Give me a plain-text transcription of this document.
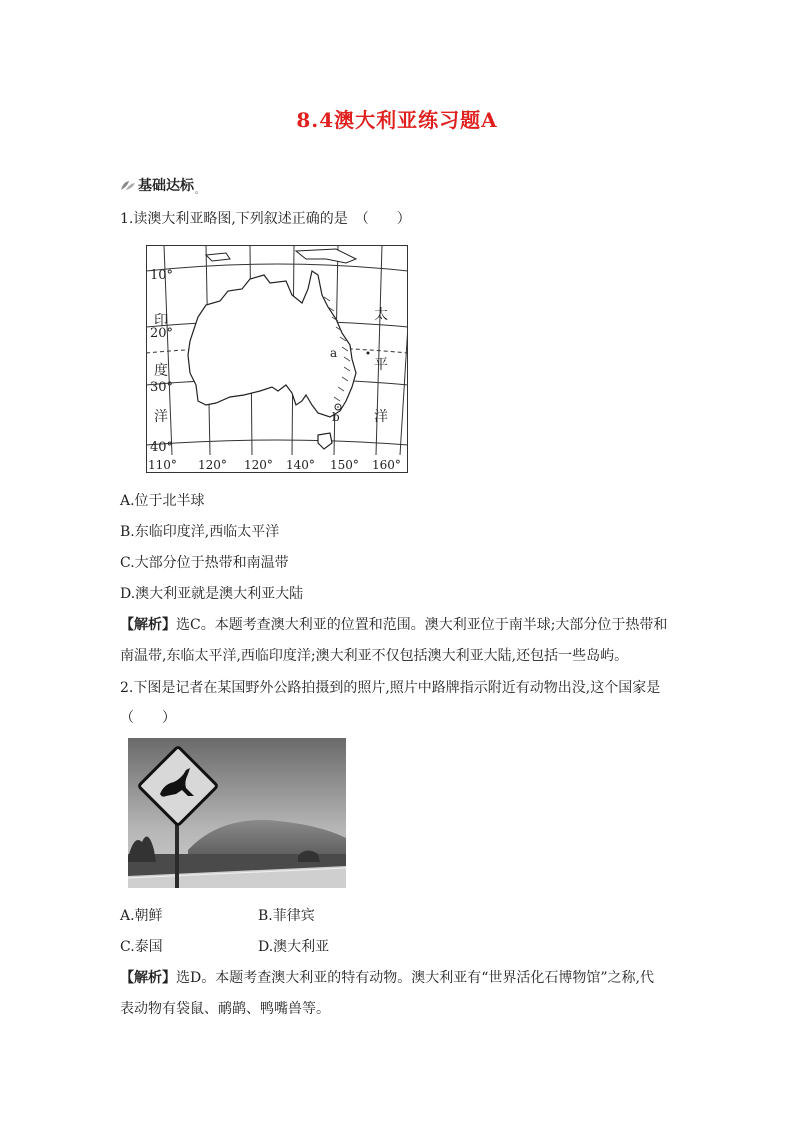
8.4澳大利亚练习题A
基础达标 。
1.读澳大利亚略图,下列叙述正确的是　（　　）
10°
20°
30°
40°
110° 120° 120° 140° 150° 160°
印
度
洋
太
平
洋
a
b
A.位于北半球
B.东临印度洋,西临太平洋
C.大部分位于热带和南温带
D.澳大利亚就是澳大利亚大陆
【解析】选C。本题考查澳大利亚的位置和范围。澳大利亚位于南半球;大部分位于热带和
南温带,东临太平洋,西临印度洋;澳大利亚不仅包括澳大利亚大陆,还包括一些岛屿。
2.下图是记者在某国野外公路拍摄到的照片,照片中路牌指示附近有动物出没,这个国家是
（　　）
A.朝鲜	B.菲律宾
C.泰国	D.澳大利亚
【解析】选D。本题考查澳大利亚的特有动物。澳大利亚有“世界活化石博物馆”之称,代
表动物有袋鼠、鸸鹋、鸭嘴兽等。
